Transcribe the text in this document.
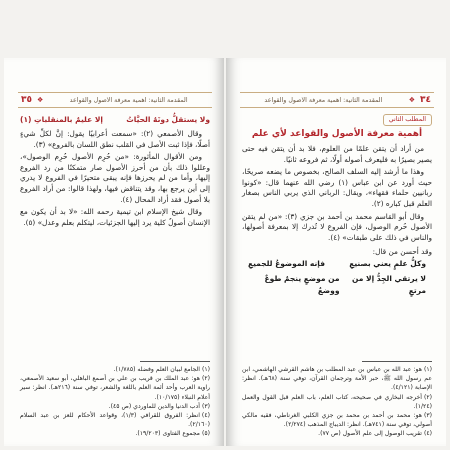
٣٥ ❖	المقدمة الثانية: أهمية معرفة الأصول والقواعد
ولا يستقلُّ دونَهُ الحيَّاتُ
إلا عليمٌ بالمنقلباتِ (١)

وقال الأصمعي (٢): «سمعت أعرابيًا يقول: إنَّ لكلِّ شيءٍ أصلًا، فإذا ثبت الأصل في القلب نطق اللسان بالفروع» (٣).

ومن الأقوال المأثورة: «من حُرِم الأصول حُرِم الوصول»، وعللوا ذلك بأن من أحرز الأصول صار متمكنًا من رد الفروع إليها، وأما من لم يحرزها فإنه يبقى متحيرًا في الفروع لا يدري إلى أين يرجع بها، وقد يتناقض فيها، ولهذا قالوا: من أراد الفروع بلا أصول فقد أراد المحال (٤).

وقال شيخ الإسلام ابن تيمية رحمه الله: «لا بد أن يكون مع الإنسان أصولٌ كلية يرد إليها الجزئيات، ليتكلم بعلم وعدل» (٥).

(١)الجامع لبيان العلم وفضله (١/٧٨٥).
(٢)هو: عبد الملك بن قريب بن علي بن أصمع الباهلي، أبو سعيد الأصمعي، راوية العرب وأحد أئمة العلم باللغة والشعر، توفي سنة (٢١٦هـ). انظر: سير أعلام النبلاء (١٠/١٧٥).
(٣)أدب الدنيا والدين للماوردي (ص ٤٥).
(٤)انظر: الفروق للقرافي (١/٣)، وقواعد الأحكام للعز بن عبد السلام (٢/١٦٠).
(٥)مجموع الفتاوى (١٩/٢٠٣).
المقدمة الثانية: أهمية معرفة الأصول والقواعد	❖ ٣٤
المطلب الثاني
أهمية معرفة الأصول والقواعد لأي علم

من أراد أن يتقن علمًا من العلوم، فلا بد أن يتقن فيه حتى يصير بصيرًا به فليعرف أصوله أولًا، ثم فروعه ثانيًا.

وهذا ما أرشد إليه السلف الصالح، بخصوص ما يضعه صريحًا، حيث أورد عن ابن عباس (١) رضي الله عنهما قال: «كونوا ربانيين حلماء فقهاء»، ويقال: الرباني الذي يربي الناس بصغار العلم قبل كباره (٢).

وقال أبو القاسم محمد بن أحمد بن جزي (٣): «من لم يتقن الأصول حُرم الوصول، فإن الفروع لا تُدرك إلا بمعرفة أصولها، والناس في ذلك على طبقات» (٤).

وقد أحسن من قال:
وكلُّ علمٍ يعني بصنيعِ
فإنه الموضوعُ للجميعِ
لا يرتقي الجِدُّ إلا من مرتعٍ
من موضعٍ ينجمُ طوعٌ ووضعُ
(١)هو: عبد الله بن عباس بن عبد المطلب بن هاشم القرشي الهاشمي، ابن عم رسول الله ﷺ، حبر الأمة وترجمان القرآن، توفي سنة (٦٨هـ). انظر: الإصابة (٤/١٢١).
(٢)أخرجه البخاري في صحيحه، كتاب العلم، باب العلم قبل القول والعمل (١/٢٤).
(٣)هو: محمد بن أحمد بن محمد بن جزي الكلبي الغرناطي، فقيه مالكي أصولي، توفي سنة (٧٤١هـ). انظر: الديباج المذهب (٢/٢٧٤).
(٤)تقريب الوصول إلى علم الأصول (ص ٧٧).
